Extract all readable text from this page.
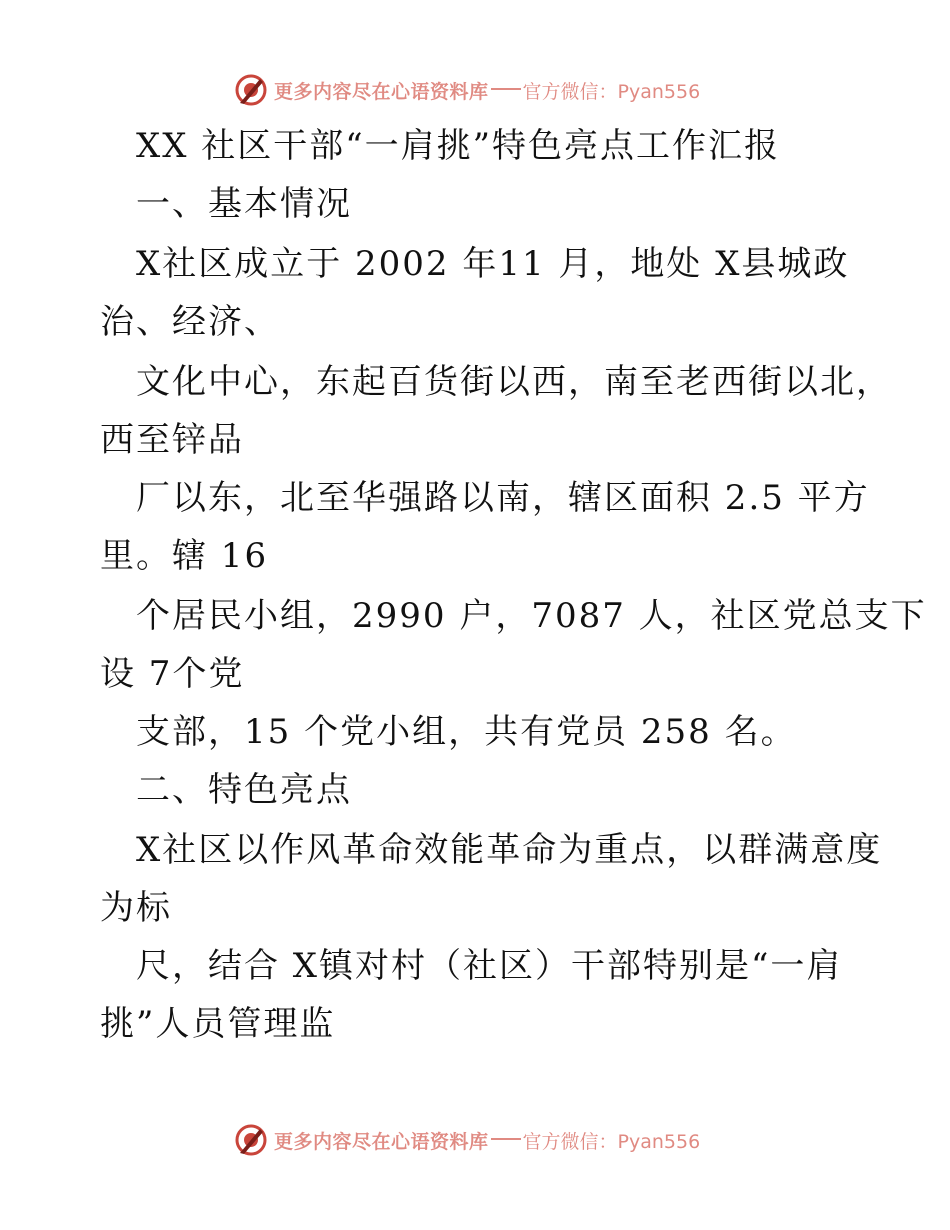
更多内容尽在心语资料库 官方微信：Pyan556
XX 社区干部“一肩挑”特色亮点工作汇报
一、基本情况
X社区成立于 2002 年11 月，地处 X县城政
治、经济、
文化中心，东起百货街以西，南至老西街以北，
西至锌品
厂以东，北至华强路以南，辖区面积 2.5 平方
里。辖 16
个居民小组，2990 户，7087 人，社区党总支下
设 7个党
支部，15 个党小组，共有党员 258 名。
二、特色亮点
X社区以作风革命效能革命为重点，以群满意度
为标
尺，结合 X镇对村（社区）干部特别是“一肩
挑”人员管理监
更多内容尽在心语资料库 官方微信：Pyan556
